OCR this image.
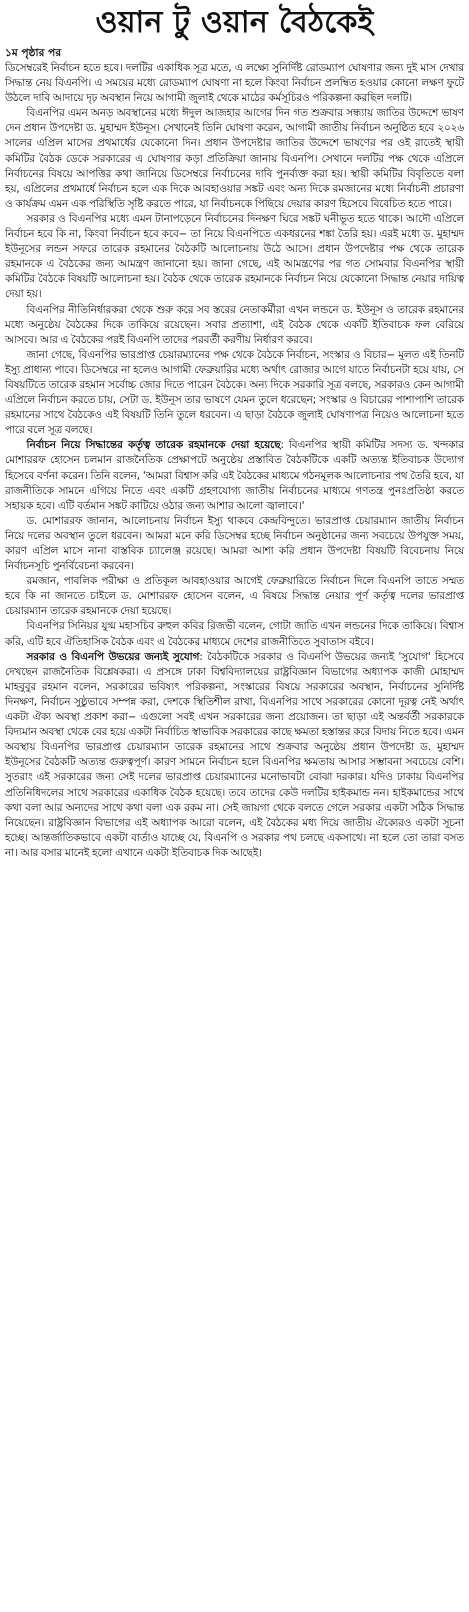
ওয়ান টু ওয়ান বৈঠকেই
১ম পৃষ্ঠার পর

ডিসেম্বরেই নির্বাচন হতে হবে। দলটির একাধিক সূত্র মতে, এ লক্ষ্যে সুনির্দিষ্ট রোডম্যাপ ঘোষণার জন্য দুই মাস দেখার সিদ্ধান্ত নেয় বিএনপি। এ সময়ের মধ্যে রোডম্যাপ ঘোষণা না হলে কিংবা নির্বাচন প্রলম্বিত হওয়ার কোনো লক্ষণ ফুটে উঠলে দাবি আদায়ে দৃঢ় অবস্থান নিয়ে আগামী জুলাই থেকে মাঠের কর্মসূচিরও পরিকল্পনা করছিল দলটি।

বিএনপির এমন অনড় অবস্থানের মধ্যে ঈদুল আজহার আগের দিন গত শুক্রবার সন্ধ্যায় জাতির উদ্দেশে ভাষণ দেন প্রধান উপদেষ্টা ড. মুহাম্মদ ইউনূস। সেখানেই তিনি ঘোষণা করেন, আগামী জাতীয় নির্বাচন অনুষ্ঠিত হবে ২০২৬ সালের এপ্রিল মাসের প্রথমার্ধের যেকোনো দিন। প্রধান উপদেষ্টার জাতির উদ্দেশে ভাষণের পর ওই রাতেই স্থায়ী কমিটির বৈঠক ডেকে সরকারের এ ঘোষণার কড়া প্রতিক্রিয়া জানায় বিএনপি। সেখানে দলটির পক্ষ থেকে এপ্রিলে নির্বাচনের বিষয়ে আপত্তির কথা জানিয়ে ডিসেম্বরে নির্বাচনের দাবি পুনর্ব্যক্ত করা হয়। স্থায়ী কমিটির বিবৃতিতে বলা হয়, এপ্রিলের প্রথমার্ধে নির্বাচন হলে এক দিকে আবহাওয়ার সঙ্কট এবং অন্য দিকে রমজানের মধ্যে নির্বাচনী প্রচারণা ও কার্যক্রম এমন এক পরিস্থিতি সৃষ্টি করতে পারে, যা নির্বাচনকে পিছিয়ে দেয়ার কারণ হিসেবে বিবেচিত হতে পারে।

সরকার ও বিএনপির মধ্যে এমন টানাপড়েনে নির্বাচনের দিনক্ষণ ঘিরে সঙ্কট ঘনীভূত হতে থাকে। আদৌ এপ্রিলে নির্বাচন হবে কি না, কিংবা নির্বাচন হবে কবে− তা নিয়ে বিএনপিতে একধরনের শঙ্কা তৈরি হয়। এরই মধ্যে ড. মুহাম্মদ ইউনূসের লন্ডন সফরে তারেক রহমানের বৈঠকটি আলোচনায় উঠে আসে। প্রধান উপদেষ্টার পক্ষ থেকে তারেক রহমানকে এ বৈঠকের জন্য আমন্ত্রণ জানানো হয়। জানা গেছে, এই আমন্ত্রণের পর গত সোমবার বিএনপির স্থায়ী কমিটির বৈঠকে বিষয়টি আলোচনা হয়। বৈঠক থেকে তারেক রহমানকে নির্বাচন নিয়ে যেকোনো সিদ্ধান্ত নেয়ার দায়িত্ব দেয়া হয়।

বিএনপির নীতিনির্ধারকরা থেকে শুরু করে সব স্তরের নেতাকর্মীরা এখন লন্ডনে ড. ইউনূস ও তারেক রহমানের মধ্যে অনুষ্ঠেয় বৈঠকের দিকে তাকিয়ে রয়েছেন। সবার প্রত্যাশা, এই বৈঠক থেকে একটি ইতিবাচক ফল বেরিয়ে আসবে। আর এ বৈঠকের পরই বিএনপি তাদের পরবর্তী করণীয় নির্ধারণ করবে।

জানা গেছে, বিএনপির ভারপ্রাপ্ত চেয়ারম্যানের পক্ষ থেকে বৈঠকে নির্বাচন, সংস্কার ও বিচার− মূলত এই তিনটি ইস্যু প্রাধান্য পাবে। ডিসেম্বরে না হলেও আগামী ফেব্রুয়ারির মধ্যে অর্থাৎ রোজার আগে যাতে নির্বাচনটা হয়ে যায়, সে বিষয়টিতে তারেক রহমান সর্বোচ্চ জোর দিতে পারেন বৈঠকে। অন্য দিকে সরকারি সূত্র বলছে, সরকারও কেন আগামী এপ্রিলে নির্বাচন করতে চায়, সেটা ড. ইউনূস তার ভাষণে যেমন তুলে ধরেছেন; সংস্কার ও বিচারের পাশাপাশি তারেক রহমানের সাথে বৈঠকেও এই বিষয়টি তিনি তুলে ধরবেন। এ ছাড়া বৈঠকে জুলাই ঘোষণাপত্র নিয়েও আলোচনা হতে পারে বলে সূত্র বলছে।

নির্বাচন নিয়ে সিদ্ধান্তের কর্তৃত্ব তারেক রহমানকে দেয়া হয়েছে: বিএনপির স্থায়ী কমিটির সদস্য ড. খন্দকার মোশাররফ হোসেন চলমান রাজনৈতিক প্রেক্ষাপটে অনুষ্ঠেয় প্রস্তাবিত বৈঠকটিকে একটি অত্যন্ত ইতিবাচক উদ্যোগ হিসেবে বর্ণনা করেন। তিনি বলেন, 'আমরা বিশ্বাস করি এই বৈঠকের মাধ্যমে গঠনমূলক আলোচনার পথ তৈরি হবে, যা রাজনীতিকে সামনে এগিয়ে নিতে এবং একটি গ্রহণযোগ্য জাতীয় নির্বাচনের মাধ্যমে গণতন্ত্র পুনঃপ্রতিষ্ঠা করতে সহায়ক হবে। এটি বর্তমান সঙ্কট কাটিয়ে ওঠার জন্য আশার আলো জ্বালাবে।'

ড. মোশাররফ জানান, আলোচনায় নির্বাচন ইস্যু থাকবে কেন্দ্রবিন্দুতে। ভারপ্রাপ্ত চেয়ারম্যান জাতীয় নির্বাচন নিয়ে দলের অবস্থান তুলে ধরবেন। আমরা মনে করি ডিসেম্বর হচ্ছে নির্বাচন অনুষ্ঠানের জন্য সবচেয়ে উপযুক্ত সময়, কারণ এপ্রিল মাসে নানা বাস্তবিক চ্যালেঞ্জ রয়েছে। আমরা আশা করি প্রধান উপদেষ্টা বিষয়টি বিবেচনায় নিয়ে নির্বাচনসূচি পুনর্বিবেচনা করবেন।

রমজান, পাবলিক পরীক্ষা ও প্রতিকূল আবহাওয়ার আগেই ফেব্রুয়ারিতে নির্বাচন দিলে বিএনপি তাতে সম্মত হবে কি না জানতে চাইলে ড. মোশাররফ হোসেন বলেন, এ বিষয়ে সিদ্ধান্ত নেয়ার পূর্ণ কর্তৃত্ব দলের ভারপ্রাপ্ত চেয়ারম্যান তারেক রহমানকে দেয়া হয়েছে।

বিএনপির সিনিয়র যুগ্ম মহাসচিব রুহুল কবির রিজভী বলেন, গোটা জাতি এখন লন্ডনের দিকে তাকিয়ে। বিশ্বাস করি, এটি হবে ঐতিহাসিক বৈঠক এবং এ বৈঠকের মাধ্যমে দেশের রাজনীতিতে সুবাতাস বইবে।

সরকার ও বিএনপি উভয়ের জন্যই সুযোগ: বৈঠকটিকে সরকার ও বিএনপি উভয়ের জন্যই 'সুযোগ' হিসেবে দেখছেন রাজনৈতিক বিশ্লেষকরা। এ প্রসঙ্গে ঢাকা বিশ্ববিদ্যালয়ের রাষ্ট্রবিজ্ঞান বিভাগের অধ্যাপক কাজী মোহাম্মদ মাহবুবুর রহমান বলেন, সরকারের ভবিষ্যৎ পরিকল্পনা, সংস্কারের বিষয়ে সরকারের অবস্থান, নির্বাচনের সুনির্দিষ্ট দিনক্ষণ, নির্বাচন সুষ্ঠুভাবে সম্পন্ন করা, দেশকে স্থিতিশীল রাখা, বিএনপির সাথে সরকারের কোনো দূরত্ব নেই অর্থাৎ একটা ঐক্য অবস্থা প্রকাশ করা− এগুলো সবই এখন সরকারের জন্য প্রয়োজন। তা ছাড়া এই অন্তর্বর্তী সরকারকে বিদ্যমান অবস্থা থেকে বের হয়ে একটা নির্বাচিত স্বাভাবিক সরকারের কাছে ক্ষমতা হস্তান্তর করে বিদায় নিতে হবে। এমন অবস্থায় বিএনপির ভারপ্রাপ্ত চেয়ারম্যান তারেক রহমানের সাথে শুক্রবার অনুষ্ঠেয় প্রধান উপদেষ্টা ড. মুহাম্মদ ইউনূসের বৈঠকটি অত্যন্ত গুরুত্বপূর্ণ। কারণ সামনে নির্বাচন হলে বিএনপির ক্ষমতায় আসার সম্ভাবনা সবচেয়ে বেশি। সুতরাং এই সরকারের জন্য সেই দলের ভারপ্রাপ্ত চেয়ারম্যানের মনোভাবটা বোঝা দরকার। যদিও ঢাকায় বিএনপির প্রতিনিধিদলের সাথে সরকারের একাধিক বৈঠক হয়েছে। তবে তাদের কেউ দলটির হাইকমান্ড নন। হাইকমান্ডের সাথে কথা বলা আর অন্যদের সাথে কথা বলা এক রকম না। সেই জায়গা থেকে বলতে গেলে সরকার একটা সঠিক সিদ্ধান্ত নিয়েছেন। রাষ্ট্রবিজ্ঞান বিভাগের এই অধ্যাপক আরো বলেন, এই বৈঠকের মধ্য দিয়ে জাতীয় ঐক্যেরও একটা সূচনা হচ্ছে। আন্তর্জাতিকভাবে একটা বার্তাও যাচ্ছে যে, বিএনপি ও সরকার পথ চলছে একসাথে। না হলে তো তারা বসত না। আর বসার মানেই হলো এখানে একটা ইতিবাচক দিক আছেই।
